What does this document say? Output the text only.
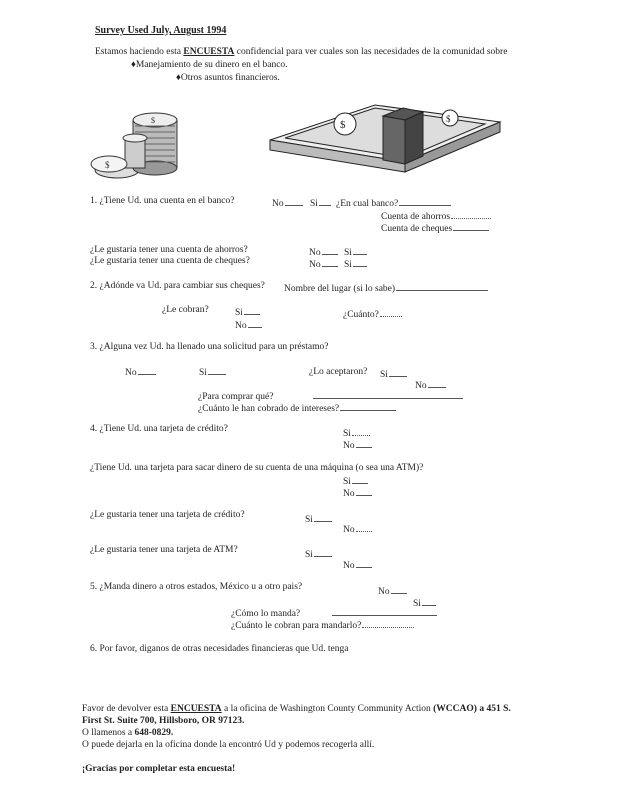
Survey Used July, August 1994
Estamos haciendo esta ENCUESTA confidencial para ver cuales son las necesidades de la comunidad sobre
♦Manejamiento de su dinero en el banco.
♦Otros asuntos financieros.
$
$	$	$
1. ¿Tiene Ud. una cuenta en el banco?	No	Si	¿En cual banco?
Cuenta de ahorros
Cuenta de cheques
¿Le gustaria tener una cuenta de ahorros?	No	Si
¿Le gustaria tener una cuenta de cheques?	No	Si
2. ¿Adónde va Ud. para cambiar sus cheques? Nombre del lugar (si lo sabe)
¿Le cobran?	Si
No
¿Cuánto?
3. ¿Alguna vez Ud. ha llenado una solicitud para un préstamo?
No	Si	¿Lo aceptaron? Si
No
¿Para comprar qué?
¿Cuánto le han cobrado de intereses?
4. ¿Tiene Ud. una tarjeta de crédito?	Si
No
¿Tiene Ud. una tarjeta para sacar dinero de su cuenta de una máquina (o sea una ATM)?
Si
No
¿Le gustaria tener una tarjeta de crédito?	Si
No
¿Le gustaria tener una tarjeta de ATM?	Si
No
5. ¿Manda dinero a otros estados, México u a otro pais?	No
Si
¿Cómo lo manda?
¿Cuánto le cobran para mandarlo?
6. Por favor, diganos de otras necesidades financieras que Ud. tenga
Favor de devolver esta ENCUESTA a la oficina de Washington County Community Action (WCCAO) a 451 S.
First St. Suite 700, Hillsboro, OR 97123.
O llamenos a 648-0829.
O puede dejarla en la oficina donde la encontró Ud y podemos recogerla allí.
¡Gracias por completar esta encuesta!
